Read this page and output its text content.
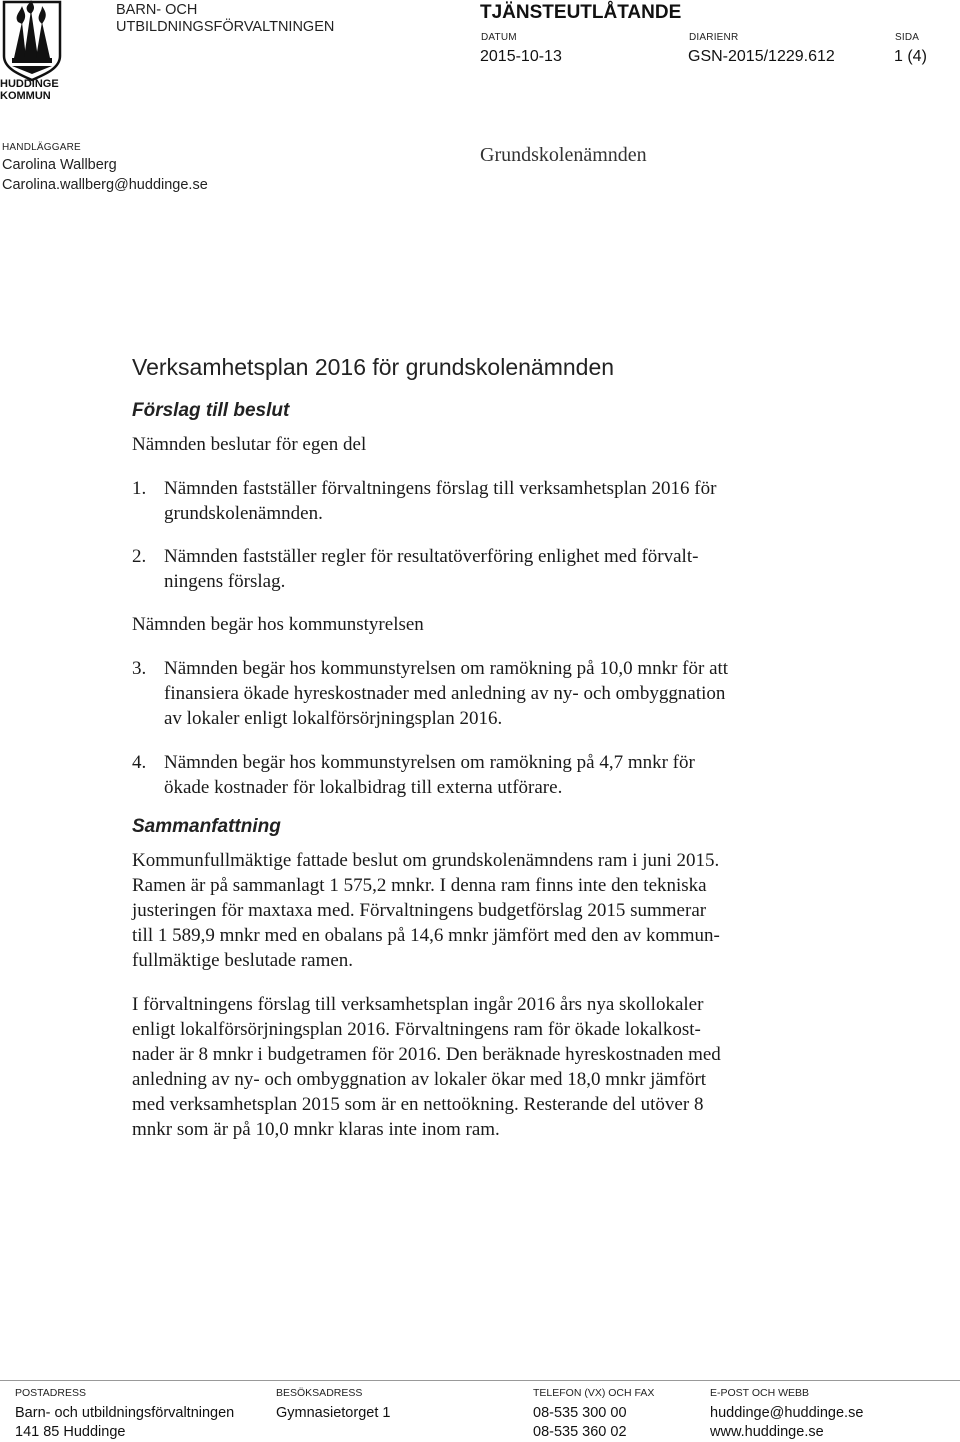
HUDDINGE
KOMMUN
BARN- OCH
UTBILDNINGSFÖRVALTNINGEN
TJÄNSTEUTLÅTANDE
DATUM
2015-10-13
DIARIENR
GSN-2015/1229.612
SIDA
1 (4)
HANDLÄGGARE
Carolina Wallberg
Carolina.wallberg@huddinge.se
Grundskolenämnden
Verksamhetsplan 2016 för grundskolenämnden
Förslag till beslut
Nämnden beslutar för egen del
1. Nämnden fastställer förvaltningens förslag till verksamhetsplan 2016 för
grundskolenämnden.
2. Nämnden fastställer regler för resultatöverföring enlighet med förvalt-
ningens förslag.
Nämnden begär hos kommunstyrelsen
3. Nämnden begär hos kommunstyrelsen om ramökning på 10,0 mnkr för att
finansiera ökade hyreskostnader med anledning av ny- och ombyggnation
av lokaler enligt lokalförsörjningsplan 2016.
4. Nämnden begär hos kommunstyrelsen om ramökning på 4,7 mnkr för
ökade kostnader för lokalbidrag till externa utförare.
Sammanfattning
Kommunfullmäktige fattade beslut om grundskolenämndens ram i juni 2015.
Ramen är på sammanlagt 1 575,2 mnkr. I denna ram finns inte den tekniska
justeringen för maxtaxa med. Förvaltningens budgetförslag 2015 summerar
till 1 589,9 mnkr med en obalans på 14,6 mnkr jämfört med den av kommun-
fullmäktige beslutade ramen.
I förvaltningens förslag till verksamhetsplan ingår 2016 års nya skollokaler
enligt lokalförsörjningsplan 2016. Förvaltningens ram för ökade lokalkost-
nader är 8 mnkr i budgetramen för 2016. Den beräknade hyreskostnaden med
anledning av ny- och ombyggnation av lokaler ökar med 18,0 mnkr jämfört
med verksamhetsplan 2015 som är en nettoökning. Resterande del utöver 8
mnkr som är på 10,0 mnkr klaras inte inom ram.
POSTADRESS
Barn- och utbildningsförvaltningen
141 85 Huddinge
BESÖKSADRESS
Gymnasietorget 1
TELEFON (VX) OCH FAX
08-535 300 00
08-535 360 02
E-POST OCH WEBB
huddinge@huddinge.se
www.huddinge.se
